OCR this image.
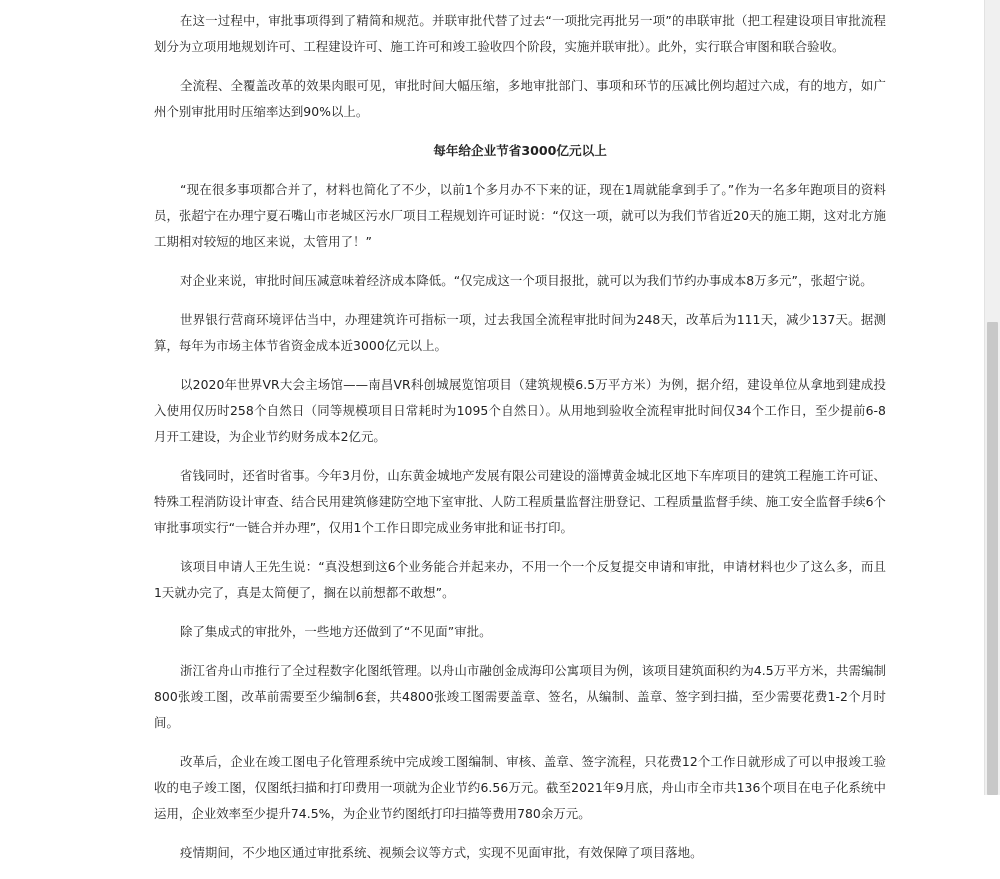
在这一过程中，审批事项得到了精简和规范。并联审批代替了过去“一项批完再批另一项”的串联审批（把工程建设项目审批流程划分为立项用地规划许可、工程建设许可、施工许可和竣工验收四个阶段，实施并联审批）。此外，实行联合审图和联合验收。

全流程、全覆盖改革的效果肉眼可见，审批时间大幅压缩，多地审批部门、事项和环节的压减比例均超过六成，有的地方，如广州个别审批用时压缩率达到90%以上。

每年给企业节省3000亿元以上

“现在很多事项都合并了，材料也简化了不少，以前1个多月办不下来的证，现在1周就能拿到手了。”作为一名多年跑项目的资料员，张超宁在办理宁夏石嘴山市老城区污水厂项目工程规划许可证时说：“仅这一项，就可以为我们节省近20天的施工期，这对北方施工期相对较短的地区来说，太管用了！”

对企业来说，审批时间压减意味着经济成本降低。“仅完成这一个项目报批，就可以为我们节约办事成本8万多元”，张超宁说。

世界银行营商环境评估当中，办理建筑许可指标一项，过去我国全流程审批时间为248天，改革后为111天，减少137天。据测算，每年为市场主体节省资金成本近3000亿元以上。

以2020年世界VR大会主场馆——南昌VR科创城展览馆项目（建筑规模6.5万平方米）为例，据介绍，建设单位从拿地到建成投入使用仅历时258个自然日（同等规模项目日常耗时为1095个自然日）。从用地到验收全流程审批时间仅34个工作日，至少提前6-8月开工建设，为企业节约财务成本2亿元。

省钱同时，还省时省事。今年3月份，山东黄金城地产发展有限公司建设的淄博黄金城北区地下车库项目的建筑工程施工许可证、特殊工程消防设计审查、结合民用建筑修建防空地下室审批、人防工程质量监督注册登记、工程质量监督手续、施工安全监督手续6个审批事项实行“一链合并办理”，仅用1个工作日即完成业务审批和证书打印。

该项目申请人王先生说：“真没想到这6个业务能合并起来办，不用一个一个反复提交申请和审批，申请材料也少了这么多，而且1天就办完了，真是太简便了，搁在以前想都不敢想”。

除了集成式的审批外，一些地方还做到了“不见面”审批。

浙江省舟山市推行了全过程数字化图纸管理。以舟山市融创金成海印公寓项目为例，该项目建筑面积约为4.5万平方米，共需编制800张竣工图，改革前需要至少编制6套，共4800张竣工图需要盖章、签名，从编制、盖章、签字到扫描，至少需要花费1-2个月时间。

改革后，企业在竣工图电子化管理系统中完成竣工图编制、审核、盖章、签字流程，只花费12个工作日就形成了可以申报竣工验收的电子竣工图，仅图纸扫描和打印费用一项就为企业节约6.56万元。截至2021年9月底，舟山市全市共136个项目在电子化系统中运用，企业效率至少提升74.5%，为企业节约图纸打印扫描等费用780余万元。

疫情期间，不少地区通过审批系统、视频会议等方式，实现不见面审批，有效保障了项目落地。
